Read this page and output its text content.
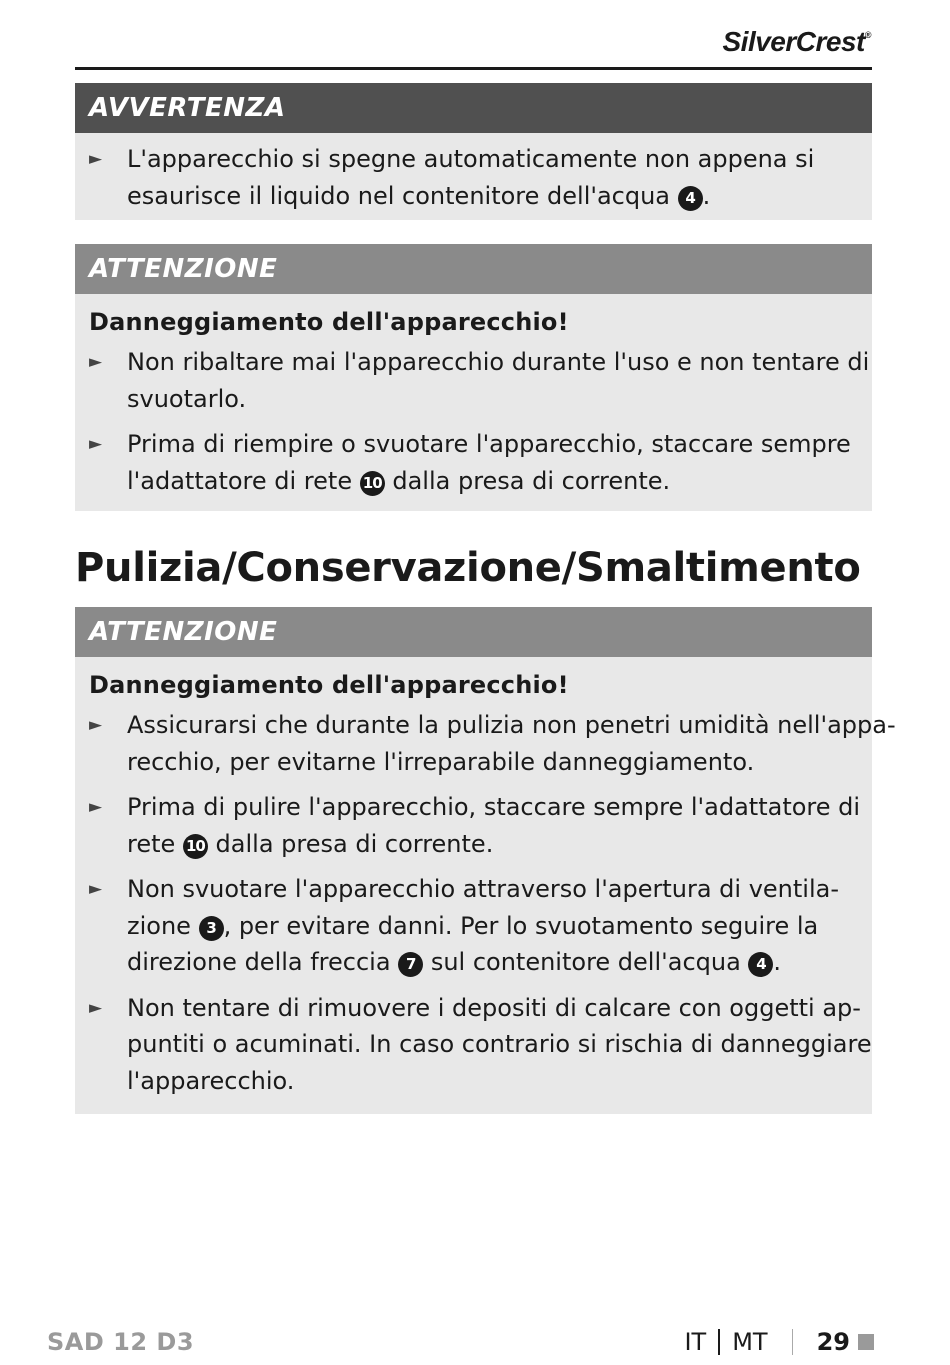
SilverCrest®
AVVERTENZA
►	L'apparecchio si spegne automaticamente non appena si
esaurisce il liquido nel contenitore dell'acqua 4 .
ATTENZIONE
Danneggiamento dell'apparecchio!
►	Non ribaltare mai l'apparecchio durante l'uso e non tentare di
svuotarlo.
►	Prima di riempire o svuotare l'apparecchio, staccare sempre
l'adattatore di rete 10 dalla presa di corrente.
Pulizia/Conservazione/Smaltimento
ATTENZIONE
Danneggiamento dell'apparecchio!
►	Assicurarsi che durante la pulizia non penetri umidità nell'appa-
recchio, per evitarne l'irreparabile danneggiamento.
►	Prima di pulire l'apparecchio, staccare sempre l'adattatore di
rete 10 dalla presa di corrente.
►	Non svuotare l'apparecchio attraverso l'apertura di ventila-
zione 3 , per evitare danni. Per lo svuotamento seguire la
direzione della freccia 7 sul contenitore dell'acqua 4 .
►	Non tentare di rimuovere i depositi di calcare con oggetti ap-
puntiti o acuminati. In caso contrario si rischia di danneggiare
l'apparecchio.
SAD 12 D3	IT MT 29
